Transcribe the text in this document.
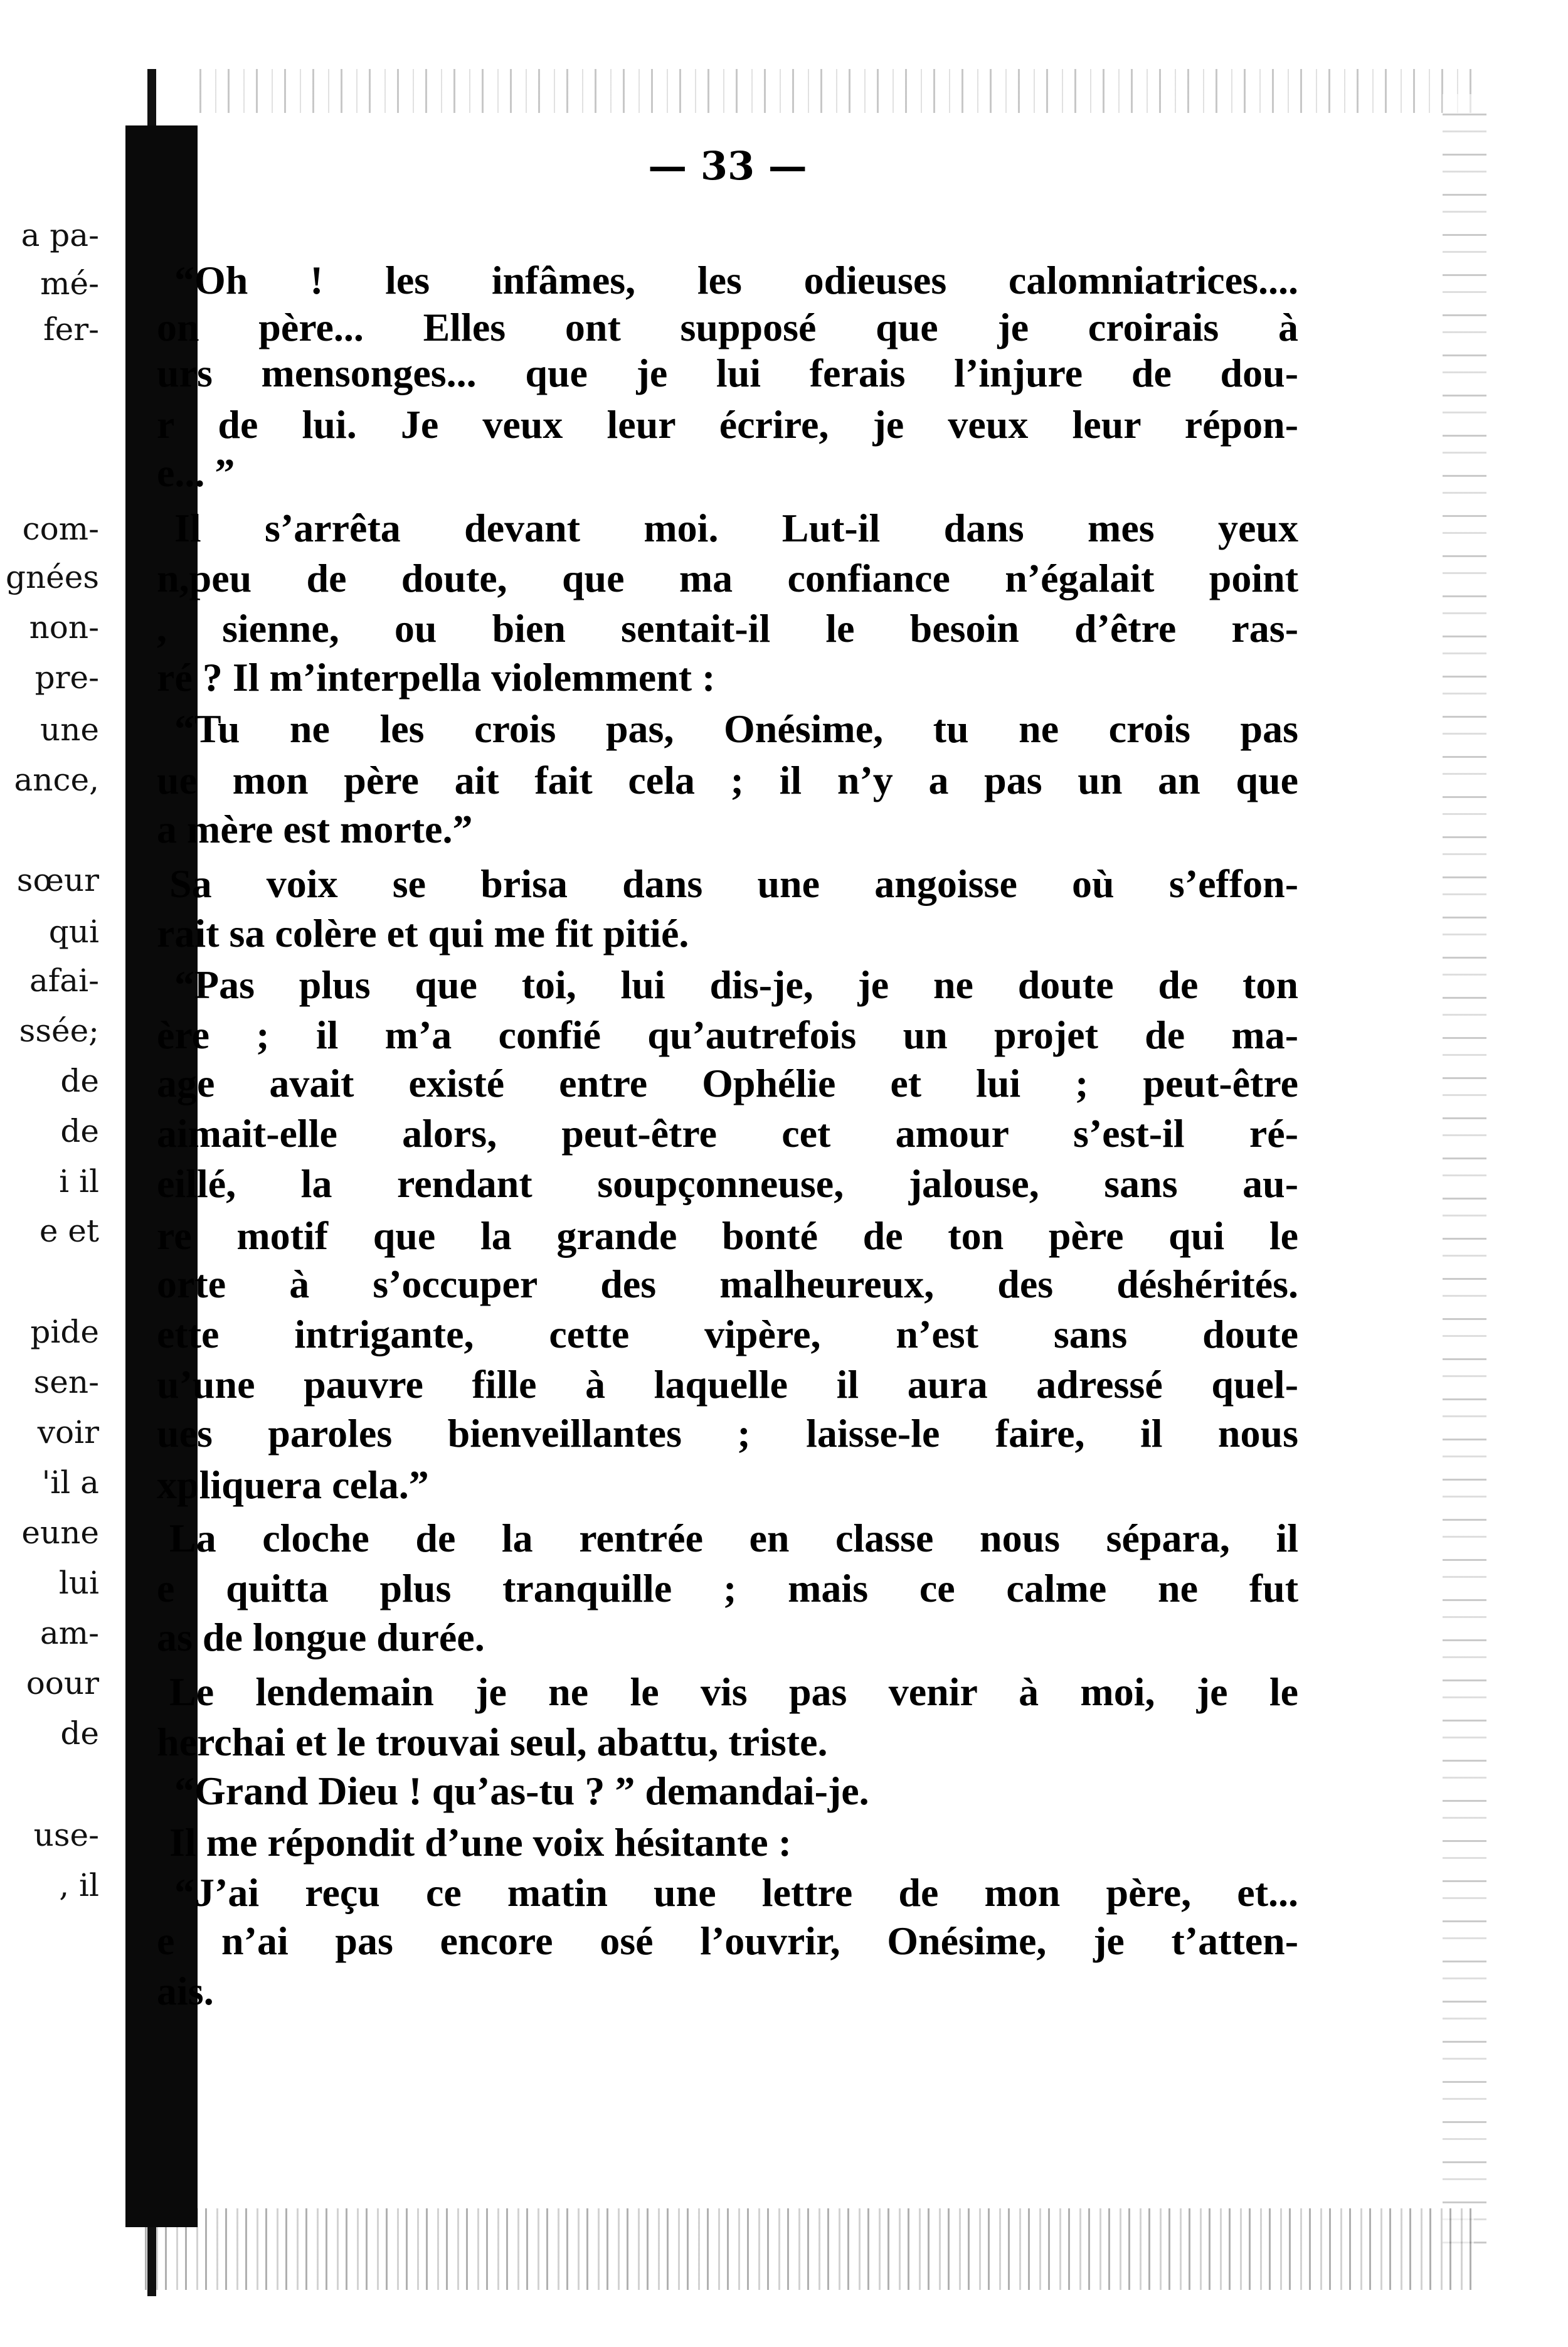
a pa-
mé-
fer-
com-
gnées
non-
pre-
une
ance,
sœur
qui
afai-
ssée;
de
de
i il
e et
pide
sen-
voir
'il a
eune
lui
am-
oour
de
use-
, il
— 33 —
“Oh ! les infâmes, les odieuses calomniatrices....
on père... Elles ont supposé que je croirais à
urs mensonges... que je lui ferais l’injure de dou-
r de lui. Je veux leur écrire, je veux leur répon-
e... ”
Il s’arrêta devant moi. Lut-il dans mes yeux
n,peu de doute, que ma confiance n’égalait point
, sienne, ou bien sentait-il le besoin d’être ras-
ré ? Il m’interpella violemment :
“Tu ne les crois pas, Onésime, tu ne crois pas
ue mon père ait fait cela ; il n’y a pas un an que
a mère est morte.”
Sa voix se brisa dans une angoisse où s’effon-
rait sa colère et qui me fit pitié.
“Pas plus que toi, lui dis-je, je ne doute de ton
ère ; il m’a confié qu’autrefois un projet de ma-
age avait existé entre Ophélie et lui ; peut-être
aimait-elle alors, peut-être cet amour s’est-il ré-
eillé, la rendant soupçonneuse, jalouse, sans au-
re motif que la grande bonté de ton père qui le
orte à s’occuper des malheureux, des déshérités.
ette intrigante, cette vipère, n’est sans doute
u’une pauvre fille à laquelle il aura adressé quel-
ues paroles bienveillantes ; laisse-le faire, il nous
xpliquera cela.”
La cloche de la rentrée en classe nous sépara, il
e quitta plus tranquille ; mais ce calme ne fut
as de longue durée.
Le lendemain je ne le vis pas venir à moi, je le
herchai et le trouvai seul, abattu, triste.
“Grand Dieu ! qu’as-tu ? ” demandai-je.
Il me répondit d’une voix hésitante :
“J’ai reçu ce matin une lettre de mon père, et...
e n’ai pas encore osé l’ouvrir, Onésime, je t’atten-
ais.
